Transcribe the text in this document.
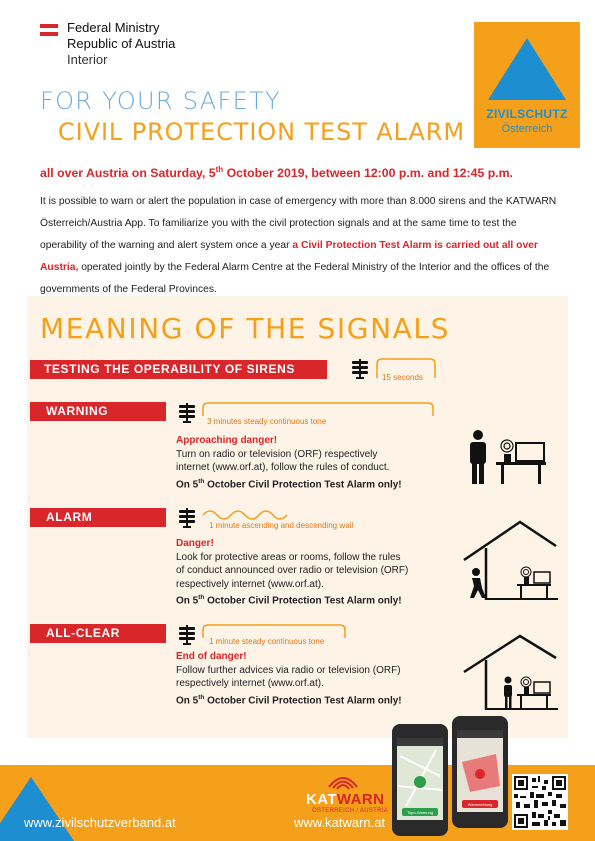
Federal Ministry
Republic of Austria
Interior
ZIVILSCHUTZ
Österreich
FOR YOUR SAFETY
CIVIL PROTECTION TEST ALARM
all over Austria on Saturday, 5th October 2019, between 12:00 p.m. and 12:45 p.m.
It is possible to warn or alert the population in case of emergency with more than 8.000 sirens and the KATWARN Österreich/Austria App. To familiarize you with the civil protection signals and at the same time to test the operability of the warning and alert system once a year a Civil Protection Test Alarm is carried out all over Austria, operated jointly by the Federal Alarm Centre at the Federal Ministry of the Interior and the offices of the governments of the Federal Provinces.
MEANING OF THE SIGNALS
TESTING THE OPERABILITY OF SIRENS
15 seconds
WARNING
3 minutes steady continuous tone
Approaching danger!
Turn on radio or television (ORF) respectively
internet (www.orf.at), follow the rules of conduct.
On 5th October Civil Protection Test Alarm only!
ALARM
1 minute ascending and descending wail
Danger!
Look for protective areas or rooms, follow the rules
of conduct announced over radio or television (ORF)
respectively internet (www.orf.at).
On 5th October Civil Protection Test Alarm only!
ALL-CLEAR
1 minute steady continuous tone
End of danger!
Follow further advices via radio or television (ORF)
respectively internet (www.orf.at).
On 5th October Civil Protection Test Alarm only!
www.zivilschutzverband.at
KATWARN
ÖSTERREICH / AUSTRIA
www.katwarn.at
Topo-Warnung
Warnmeldung
